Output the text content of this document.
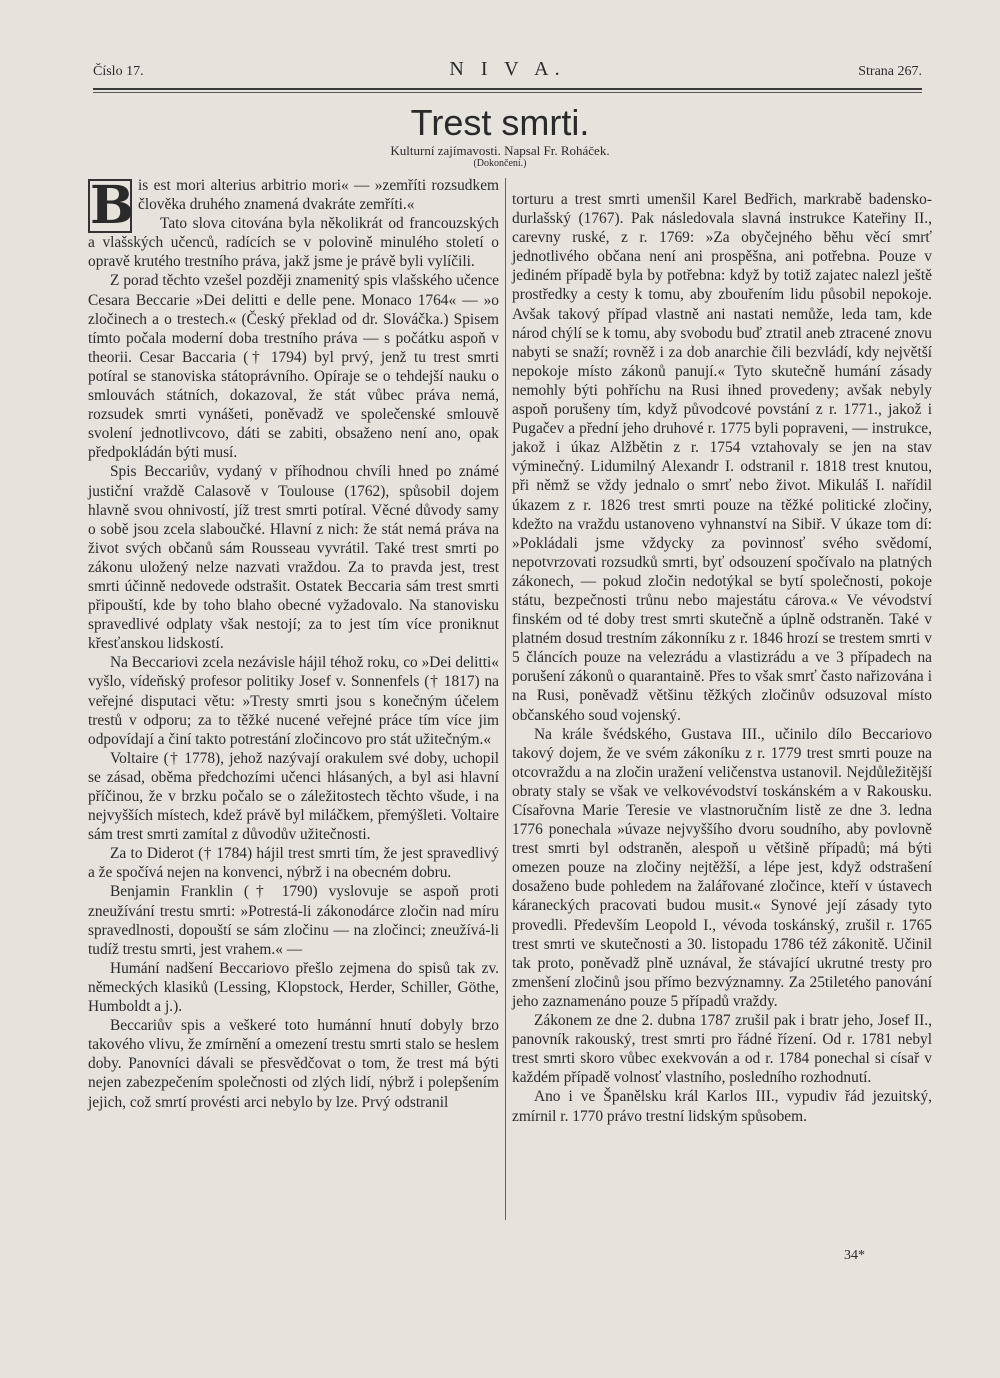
Číslo 17.	N I V A.	Strana 267.
Trest smrti.
Kulturní zajímavosti. Napsal Fr. Roháček.
(Dokončení.)

B is est mori alterius arbitrio mori« — »zemříti rozsudkem člověka druhého znamená dvakráte zemříti.«

Tato slova citována byla několikrát od francouzských a vlašských učenců, radících se v polovině minulého století o opravě krutého trestního práva, jakž jsme je právě byli vylíčili.

Z porad těchto vzešel později znamenitý spis vlašského učence Cesara Beccarie »Dei delitti e delle pene. Monaco 1764« — »o zločinech a o trestech.« (Český překlad od dr. Slováčka.) Spisem tímto počala moderní doba trestního práva — s počátku aspoň v theorii. Cesar Baccaria († 1794) byl prvý, jenž tu trest smrti potíral se stanoviska státoprávního. Opíraje se o tehdejší nauku o smlouvách státních, dokazoval, že stát vůbec práva nemá, rozsudek smrti vynášeti, poněvadž ve společenské smlouvě svolení jednotlivcovo, dáti se zabiti, obsaženo není ano, opak předpokládán býti musí.

Spis Beccariův, vydaný v příhodnou chvíli hned po známé justiční vraždě Calasově v Toulouse (1762), spůsobil dojem hlavně svou ohnivostí, jíž trest smrti potíral. Věcné důvody samy o sobě jsou zcela slaboučké. Hlavní z nich: že stát nemá práva na život svých občanů sám Rousseau vyvrátil. Také trest smrti po zákonu uložený nelze nazvati vraždou. Za to pravda jest, trest smrti účinně nedovede odstrašit. Ostatek Beccaria sám trest smrti připouští, kde by toho blaho obecné vyžadovalo. Na stanovisku spravedlivé odplaty však nestojí; za to jest tím více proniknut křesťanskou lidskostí.

Na Beccariovi zcela nezávisle hájil téhož roku, co »Dei delitti« vyšlo, vídeňský profesor politiky Josef v. Sonnenfels († 1817) na veřejné disputaci větu: »Tresty smrti jsou s konečným účelem trestů v odporu; za to těžké nucené veřejné práce tím více jim odpovídají a činí takto potrestání zločincovo pro stát užitečným.«

Voltaire († 1778), jehož nazývají orakulem své doby, uchopil se zásad, oběma předchozími učenci hlásaných, a byl asi hlavní příčinou, že v brzku počalo se o záležitostech těchto všude, i na nejvyšších místech, kdež právě byl miláčkem, přemýšleti. Voltaire sám trest smrti zamítal z důvodův užitečnosti.

Za to Diderot († 1784) hájil trest smrti tím, že jest spravedlivý a že spočívá nejen na konvenci, nýbrž i na obecném dobru.

Benjamin Franklin († 1790) vyslovuje se aspoň proti zneužívání trestu smrti: »Potrestá-li zákonodárce zločin nad míru spravedlnosti, dopouští se sám zločinu — na zločinci; zneužívá-li tudíž trestu smrti, jest vrahem.« —

Humání nadšení Beccariovo přešlo zejmena do spisů tak zv. německých klasiků (Lessing, Klopstock, Herder, Schiller, Göthe, Humboldt a j.).

Beccariův spis a veškeré toto humánní hnutí dobyly brzo takového vlivu, že zmírnění a omezení trestu smrti stalo se heslem doby. Panovníci dávali se přesvědčovat o tom, že trest má býti nejen zabezpečením společnosti od zlých lidí, nýbrž i polepšením jejich, což smrtí provésti arci nebylo by lze. Prvý odstranil

torturu a trest smrti umenšil Karel Bedřich, markrabě badensko-durlašský (1767). Pak následovala slavná instrukce Kateřiny II., carevny ruské, z r. 1769: »Za obyčejného běhu věcí smrť jednotlivého občana není ani prospěšna, ani potřebna. Pouze v jediném případě byla by potřebna: když by totiž zajatec nalezl ještě prostředky a cesty k tomu, aby zbouřením lidu působil nepokoje. Avšak takový případ vlastně ani nastati nemůže, leda tam, kde národ chýlí se k tomu, aby svobodu buď ztratil aneb ztracené znovu nabyti se snaží; rovněž i za dob anarchie čili bezvládí, kdy největší nepokoje místo zákonů panují.« Tyto skutečně humání zásady nemohly býti pohříchu na Rusi ihned provedeny; avšak nebyly aspoň porušeny tím, když původcové povstání z r. 1771., jakož i Pugačev a přední jeho druhové r. 1775 byli popraveni, — instrukce, jakož i úkaz Alžbětin z r. 1754 vztahovaly se jen na stav výminečný. Lidumilný Alexandr I. odstranil r. 1818 trest knutou, při němž se vždy jednalo o smrť nebo život. Mikuláš I. nařídil úkazem z r. 1826 trest smrti pouze na těžké politické zločiny, kdežto na vraždu ustanoveno vyhnanství na Sibiř. V úkaze tom dí: »Pokládali jsme vždycky za povinnosť svého svědomí, nepotvrzovati rozsudků smrti, byť odsouzení spočívalo na platných zákonech, — pokud zločin nedotýkal se bytí společnosti, pokoje státu, bezpečnosti trůnu nebo majestátu cárova.« Ve vévodství finském od té doby trest smrti skutečně a úplně odstraněn. Také v platném dosud trestním zákonníku z r. 1846 hrozí se trestem smrti v 5 článcích pouze na velezrádu a vlastizrádu a ve 3 případech na porušení zákonů o quarantaině. Přes to však smrť často nařizována i na Rusi, poněvadž většinu těžkých zločinův odsuzoval místo občanského soud vojenský.

Na krále švédského, Gustava III., učinilo dílo Beccariovo takový dojem, že ve svém zákoníku z r. 1779 trest smrti pouze na otcovraždu a na zločin uražení veličenstva ustanovil. Nejdůležitější obraty staly se však ve velkovévodství toskánském a v Rakousku. Císařovna Marie Teresie ve vlastnoručním listě ze dne 3. ledna 1776 ponechala »úvaze nejvyššího dvoru soudního, aby povlovně trest smrti byl odstraněn, alespoň u většině případů; má býti omezen pouze na zločiny nejtěžší, a lépe jest, když odstrašení dosaženo bude pohledem na žalářované zločince, kteří v ústavech káraneckých pracovati budou musit.« Synové její zásady tyto provedli. Především Leopold I., vévoda toskánský, zrušil r. 1765 trest smrti ve skutečnosti a 30. listopadu 1786 též zákonitě. Učinil tak proto, poněvadž plně uznával, že stávající ukrutné tresty pro zmenšení zločinů jsou přímo bezvýznamny. Za 25tiletého panování jeho zaznamenáno pouze 5 případů vraždy.

Zákonem ze dne 2. dubna 1787 zrušil pak i bratr jeho, Josef II., panovník rakouský, trest smrti pro řádné řízení. Od r. 1781 nebyl trest smrti skoro vůbec exekvován a od r. 1784 ponechal si císař v každém případě volnosť vlastního, posledního rozhodnutí.

Ano i ve Španělsku král Karlos III., vypudiv řád jezuitský, zmírnil r. 1770 právo trestní lidským spůsobem.

34*
